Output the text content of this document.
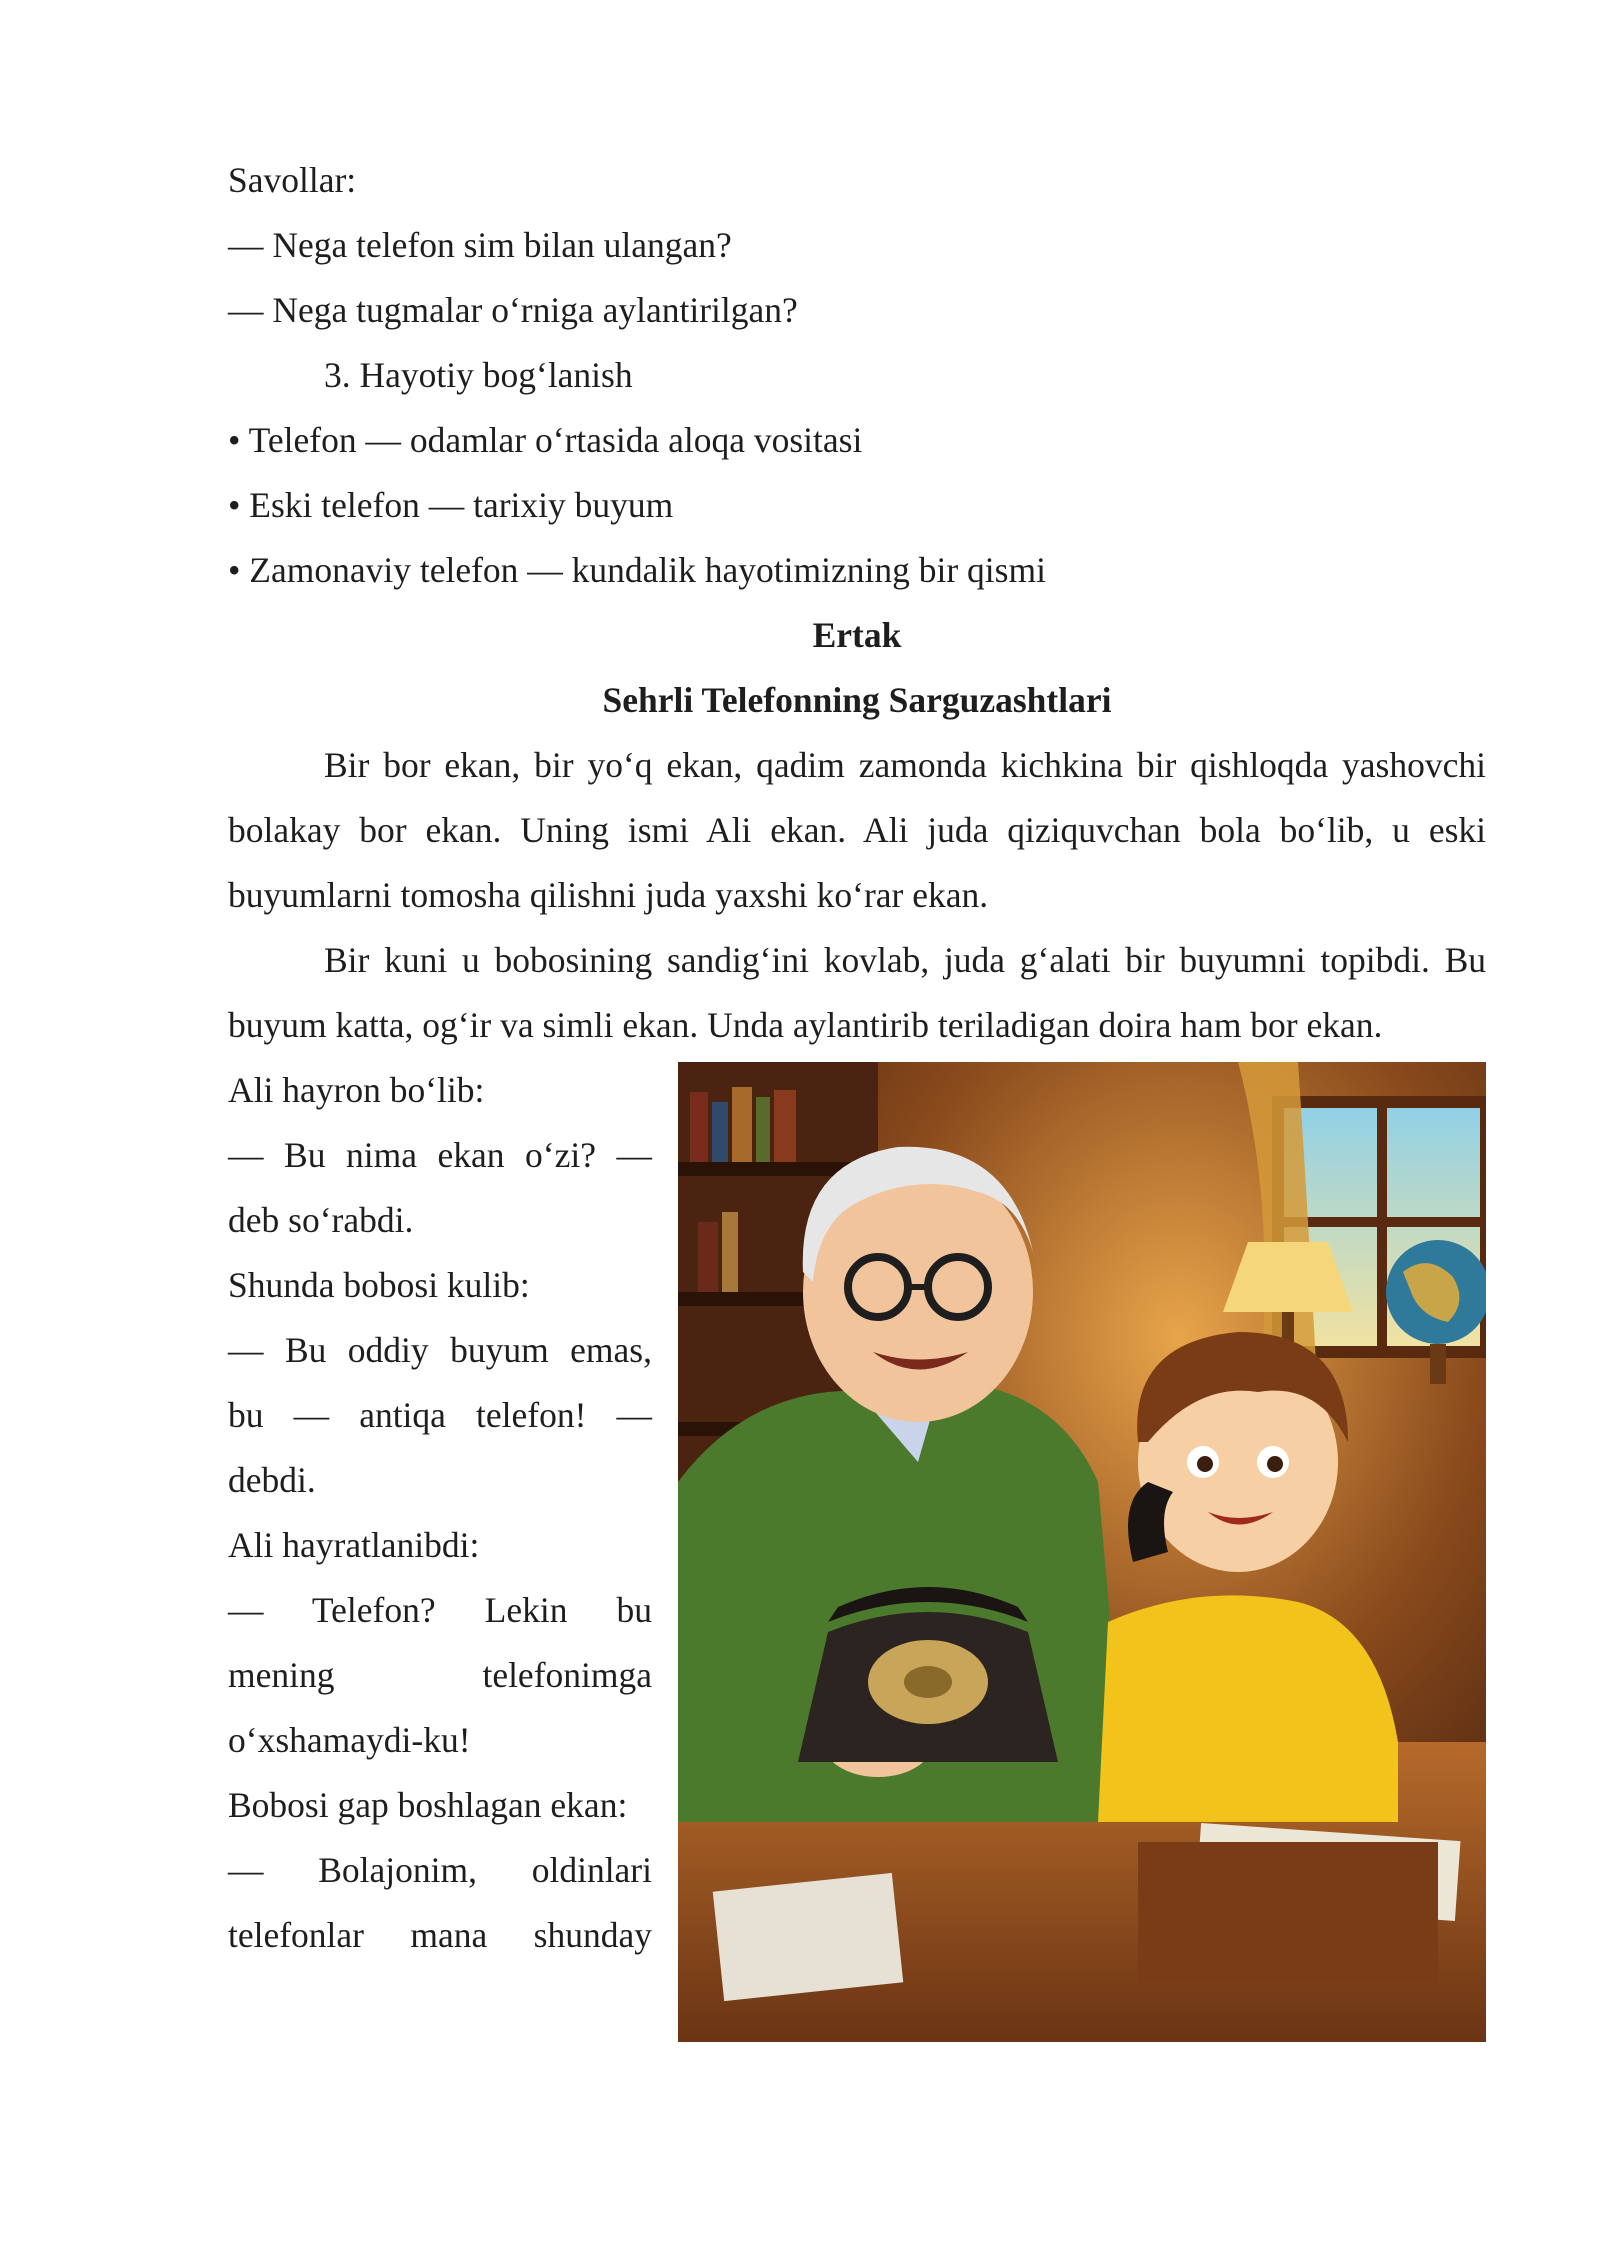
Savollar:
— Nega telefon sim bilan ulangan?
— Nega tugmalar o‘rniga aylantirilgan?
3. Hayotiy bog‘lanish
• Telefon — odamlar o‘rtasida aloqa vositasi
• Eski telefon — tarixiy buyum
• Zamonaviy telefon — kundalik hayotimizning bir qismi
Ertak
Sehrli Telefonning Sarguzashtlari

Bir bor ekan, bir yo‘q ekan, qadim zamonda kichkina bir qishloqda yashovchi bolakay bor ekan. Uning ismi Ali ekan. Ali juda qiziquvchan bola bo‘lib, u eski buyumlarni tomosha qilishni juda yaxshi ko‘rar ekan.

Bir kuni u bobosining sandig‘ini kovlab, juda g‘alati bir buyumni topibdi. Bu buyum katta, og‘ir va simli ekan. Unda aylantirib teriladigan doira ham bor ekan.

Ali hayron bo‘lib:
— Bu nima ekan o‘zi? —
deb so‘rabdi.
Shunda bobosi kulib:
— Bu oddiy buyum emas,
bu — antiqa telefon! —
debdi.
Ali hayratlanibdi:
— Telefon? Lekin bu
mening telefonimga
o‘xshamaydi-ku!
Bobosi gap boshlagan ekan:
— Bolajonim, oldinlari
telefonlar mana shunday
